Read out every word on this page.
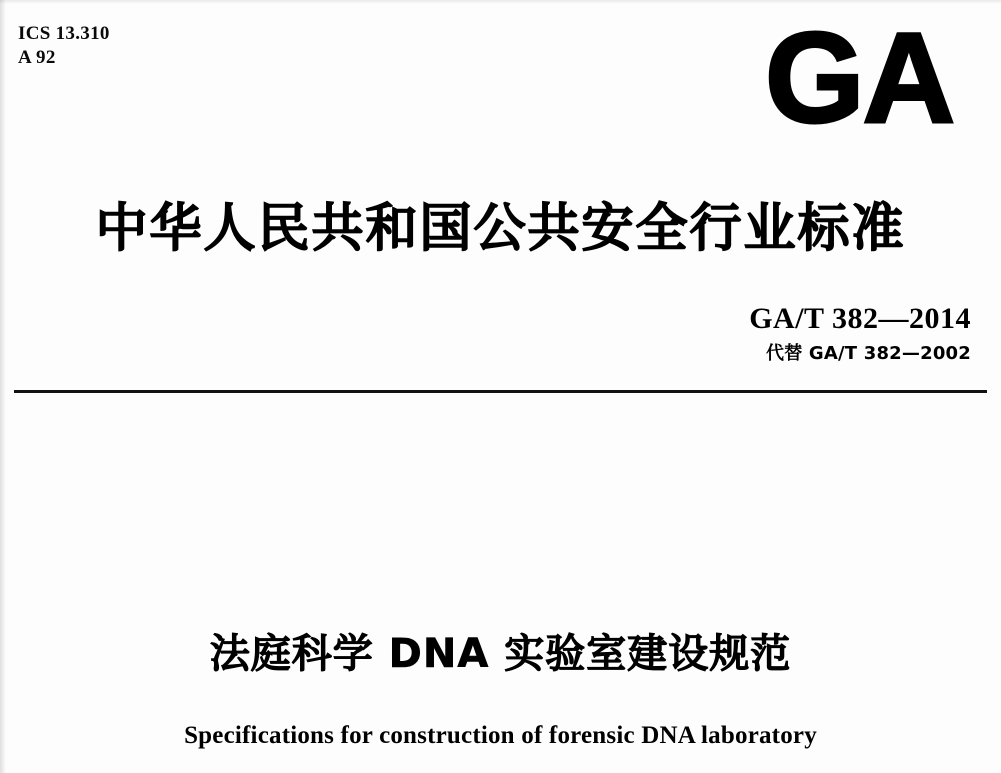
ICS 13.310
A 92	GA
中华人民共和国公共安全行业标准
GA/T 382—2014
代替 GA/T 382—2002
法庭科学 DNA 实验室建设规范
Specifications for construction of forensic DNA laboratory
